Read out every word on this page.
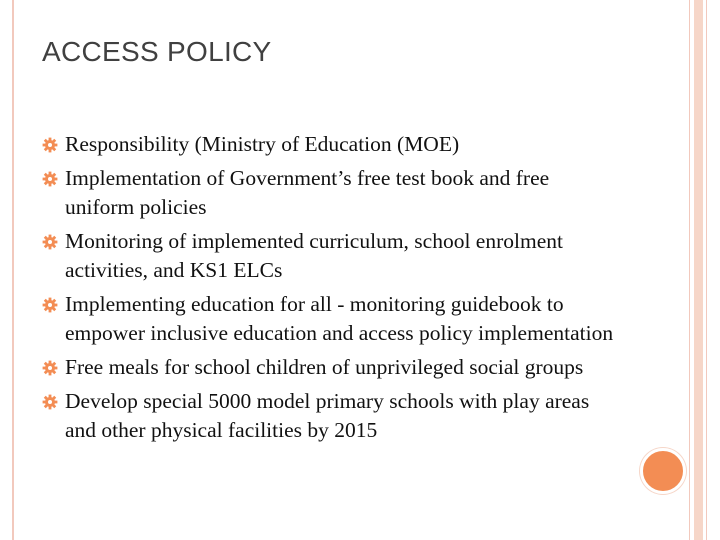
ACCESS POLICY
Responsibility (Ministry of Education (MOE)
Implementation of Government’s free test book and free uniform policies
Monitoring of implemented curriculum, school enrolment activities, and KS1 ELCs
Implementing education for all - monitoring guidebook to empower inclusive education and access policy implementation
Free meals for school children of unprivileged social groups
Develop special 5000 model primary schools with play areas and other physical facilities by 2015
